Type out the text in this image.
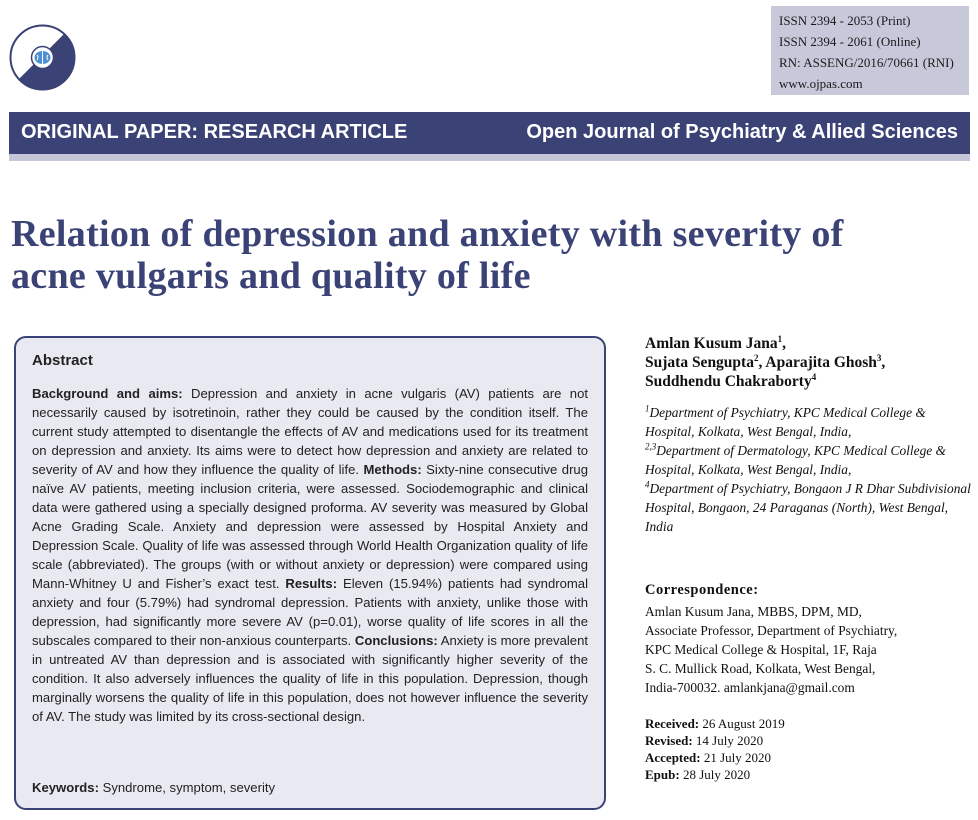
ISSN 2394 - 2053 (Print)
ISSN 2394 - 2061 (Online)
RN: ASSENG/2016/70661 (RNI)
www.ojpas.com
ORIGINAL PAPER: RESEARCH ARTICLE	Open Journal of Psychiatry & Allied Sciences
Relation of depression and anxiety with severity of
acne vulgaris and quality of life
Abstract

Background and aims: Depression and anxiety in acne vulgaris (AV) patients are not necessarily caused by isotretinoin, rather they could be caused by the condition itself. The current study attempted to disentangle the effects of AV and medications used for its treatment on depression and anxiety. Its aims were to detect how depression and anxiety are related to severity of AV and how they influence the quality of life. Methods: Sixty-nine consecutive drug naïve AV patients, meeting inclusion criteria, were assessed. Sociodemographic and clinical data were gathered using a specially designed proforma. AV severity was measured by Global Acne Grading Scale. Anxiety and depression were assessed by Hospital Anxiety and Depression Scale. Quality of life was assessed through World Health Organization quality of life scale (abbreviated). The groups (with or without anxiety or depression) were compared using Mann-Whitney U and Fisher’s exact test. Results: Eleven (15.94%) patients had syndromal anxiety and four (5.79%) had syndromal depression. Patients with anxiety, unlike those with depression, had significantly more severe AV (p=0.01), worse quality of life scores in all the subscales compared to their non-anxious counterparts. Conclusions: Anxiety is more prevalent in untreated AV than depression and is associated with significantly higher severity of the condition. It also adversely influences the quality of life in this population. Depression, though marginally worsens the quality of life in this population, does not however influence the severity of AV. The study was limited by its cross-sectional design.

Keywords: Syndrome, symptom, severity
Amlan Kusum Jana$^1$,
Sujata Sengupta$^2$, Aparajita Ghosh$^3$,
Suddhendu Chakraborty$^4$
$^1$Department of Psychiatry, KPC Medical College & Hospital, Kolkata, West Bengal, India,
$^{2,3}$Department of Dermatology, KPC Medical College & Hospital, Kolkata, West Bengal, India,
$^4$Department of Psychiatry, Bongaon J R Dhar Subdivisional Hospital, Bongaon, 24 Paraganas (North), West Bengal, India
Correspondence:
Amlan Kusum Jana, MBBS, DPM, MD,
Associate Professor, Department of Psychiatry,
KPC Medical College & Hospital, 1F, Raja
S. C. Mullick Road, Kolkata, West Bengal,
India-700032. amlankjana@gmail.com
Received: 26 August 2019
Revised: 14 July 2020
Accepted: 21 July 2020
Epub: 28 July 2020
